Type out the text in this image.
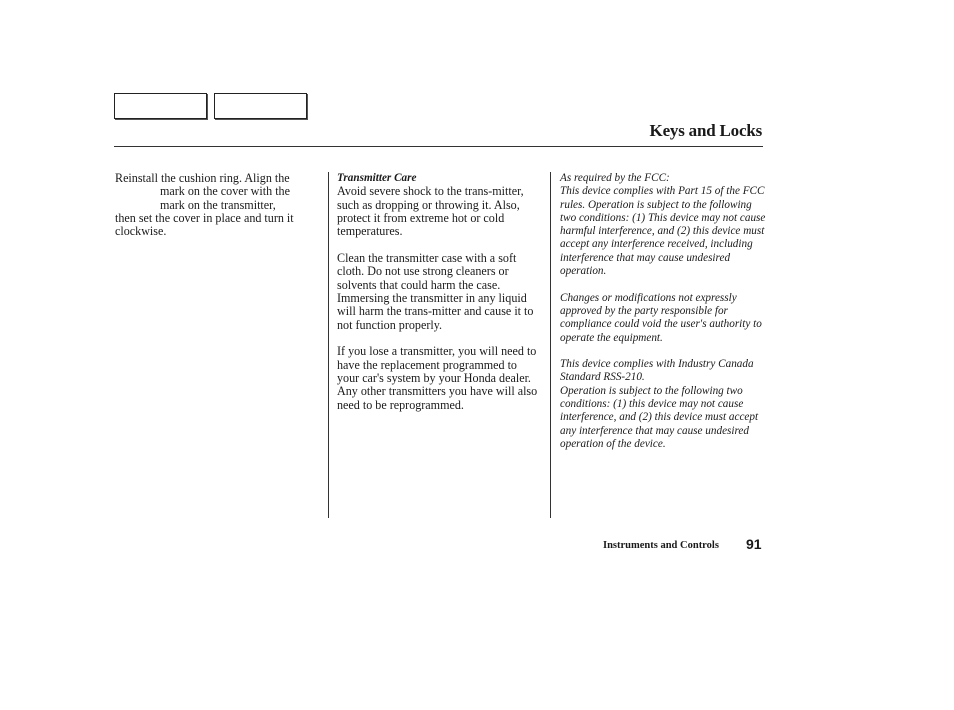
Keys and Locks

Reinstall the cushion ring. Align the
mark on the cover with the
mark on the transmitter,
then set the cover in place and turn it clockwise.

Transmitter Care
Avoid severe shock to the trans-mitter, such as dropping or throwing it. Also, protect it from extreme hot or cold temperatures.

Clean the transmitter case with a soft cloth. Do not use strong cleaners or solvents that could harm the case. Immersing the transmitter in any liquid will harm the trans-mitter and cause it to not function properly.

If you lose a transmitter, you will need to have the replacement programmed to your car's system by your Honda dealer. Any other transmitters you have will also need to be reprogrammed.

As required by the FCC:
This device complies with Part 15 of the FCC rules. Operation is subject to the following two conditions: (1) This device may not cause harmful interference, and (2) this device must accept any interference received, including interference that may cause undesired operation.

Changes or modifications not expressly approved by the party responsible for compliance could void the user's authority to operate the equipment.

This device complies with Industry Canada Standard RSS-210.
Operation is subject to the following two conditions: (1) this device may not cause interference, and (2) this device must accept any interference that may cause undesired operation of the device.

Instruments and Controls 91
